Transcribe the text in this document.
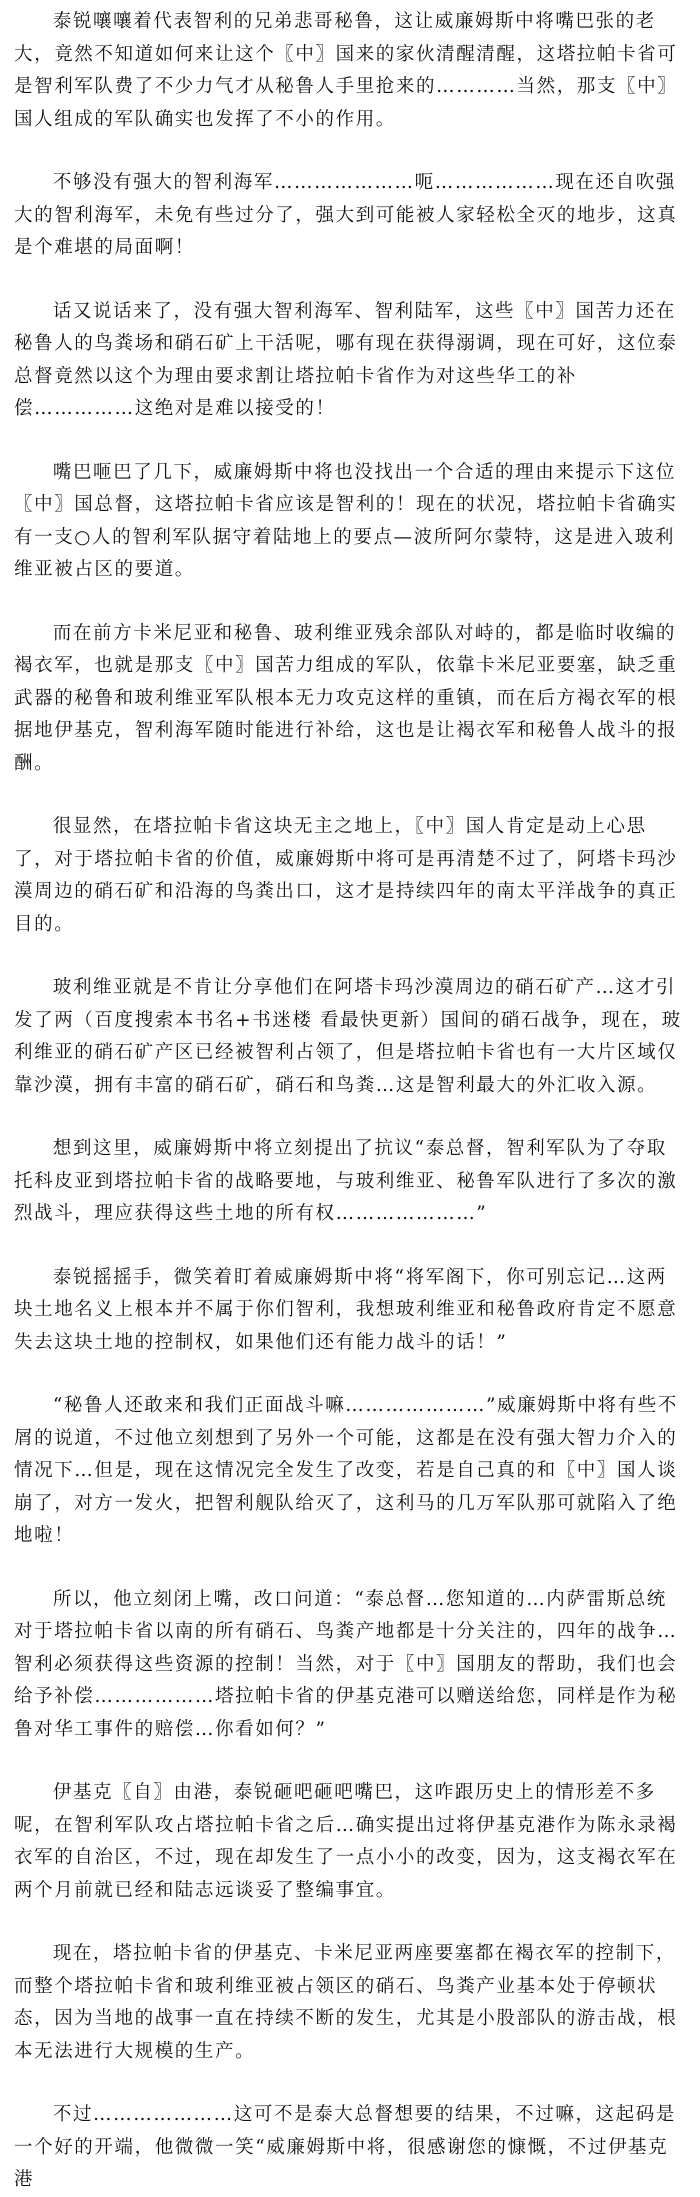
泰锐嚷嚷着代表智利的兄弟悲哥秘鲁，这让威廉姆斯中将嘴巴张的老大，竟然不知道如何来让这个〖中〗国来的家伙清醒清醒，这塔拉帕卡省可是智利军队费了不少力气才从秘鲁人手里抢来的…………当然，那支〖中〗国人组成的军队确实也发挥了不小的作用。

不够没有强大的智利海军…………………呃………………现在还自吹强大的智利海军，未免有些过分了，强大到可能被人家轻松全灭的地步，这真是个难堪的局面啊！

话又说话来了，没有强大智利海军、智利陆军，这些〖中〗国苦力还在秘鲁人的鸟粪场和硝石矿上干活呢，哪有现在获得溺调，现在可好，这位泰总督竟然以这个为理由要求割让塔拉帕卡省作为对这些华工的补偿……………这绝对是难以接受的！

嘴巴咂巴了几下，威廉姆斯中将也没找出一个合适的理由来提示下这位〖中〗国总督，这塔拉帕卡省应该是智利的！现在的状况，塔拉帕卡省确实有一支○人的智利军队据守着陆地上的要点—波所阿尔蒙特，这是进入玻利维亚被占区的要道。

而在前方卡米尼亚和秘鲁、玻利维亚残余部队对峙的，都是临时收编的褐衣军，也就是那支〖中〗国苦力组成的军队，依靠卡米尼亚要塞，缺乏重武器的秘鲁和玻利维亚军队根本无力攻克这样的重镇，而在后方褐衣军的根据地伊基克，智利海军随时能进行补给，这也是让褐衣军和秘鲁人战斗的报酬。

很显然，在塔拉帕卡省这块无主之地上，〖中〗国人肯定是动上心思了，对于塔拉帕卡省的价值，威廉姆斯中将可是再清楚不过了，阿塔卡玛沙漠周边的硝石矿和沿海的鸟粪出口，这才是持续四年的南太平洋战争的真正目的。

玻利维亚就是不肯让分享他们在阿塔卡玛沙漠周边的硝石矿产…这才引发了两（百度搜索本书名+书迷楼 看最快更新）国间的硝石战争，现在，玻利维亚的硝石矿产区已经被智利占领了，但是塔拉帕卡省也有一大片区域仅靠沙漠，拥有丰富的硝石矿，硝石和鸟粪…这是智利最大的外汇收入源。

想到这里，威廉姆斯中将立刻提出了抗议“泰总督，智利军队为了夺取托科皮亚到塔拉帕卡省的战略要地，与玻利维亚、秘鲁军队进行了多次的激烈战斗，理应获得这些土地的所有权…………………”

泰锐摇摇手，微笑着盯着威廉姆斯中将“将军阁下，你可别忘记…这两块土地名义上根本并不属于你们智利，我想玻利维亚和秘鲁政府肯定不愿意失去这块土地的控制权，如果他们还有能力战斗的话！”

“秘鲁人还敢来和我们正面战斗嘛…………………”威廉姆斯中将有些不屑的说道，不过他立刻想到了另外一个可能，这都是在没有强大智力介入的情况下…但是，现在这情况完全发生了改变，若是自己真的和〖中〗国人谈崩了，对方一发火，把智利舰队给灭了，这利马的几万军队那可就陷入了绝地啦！

所以，他立刻闭上嘴，改口问道：“泰总督…您知道的…内萨雷斯总统对于塔拉帕卡省以南的所有硝石、鸟粪产地都是十分关注的，四年的战争…智利必须获得这些资源的控制！当然，对于〖中〗国朋友的帮助，我们也会给予补偿………………塔拉帕卡省的伊基克港可以赠送给您，同样是作为秘鲁对华工事件的赔偿…你看如何？”

伊基克〖自〗由港，泰锐砸吧砸吧嘴巴，这咋跟历史上的情形差不多呢，在智利军队攻占塔拉帕卡省之后…确实提出过将伊基克港作为陈永录褐衣军的自治区，不过，现在却发生了一点小小的改变，因为，这支褐衣军在两个月前就已经和陆志远谈妥了整编事宜。

现在，塔拉帕卡省的伊基克、卡米尼亚两座要塞都在褐衣军的控制下，而整个塔拉帕卡省和玻利维亚被占领区的硝石、鸟粪产业基本处于停顿状态，因为当地的战事一直在持续不断的发生，尤其是小股部队的游击战，根本无法进行大规模的生产。

不过…………………这可不是泰大总督想要的结果，不过嘛，这起码是一个好的开端，他微微一笑“威廉姆斯中将，很感谢您的慷慨，不过伊基克港
